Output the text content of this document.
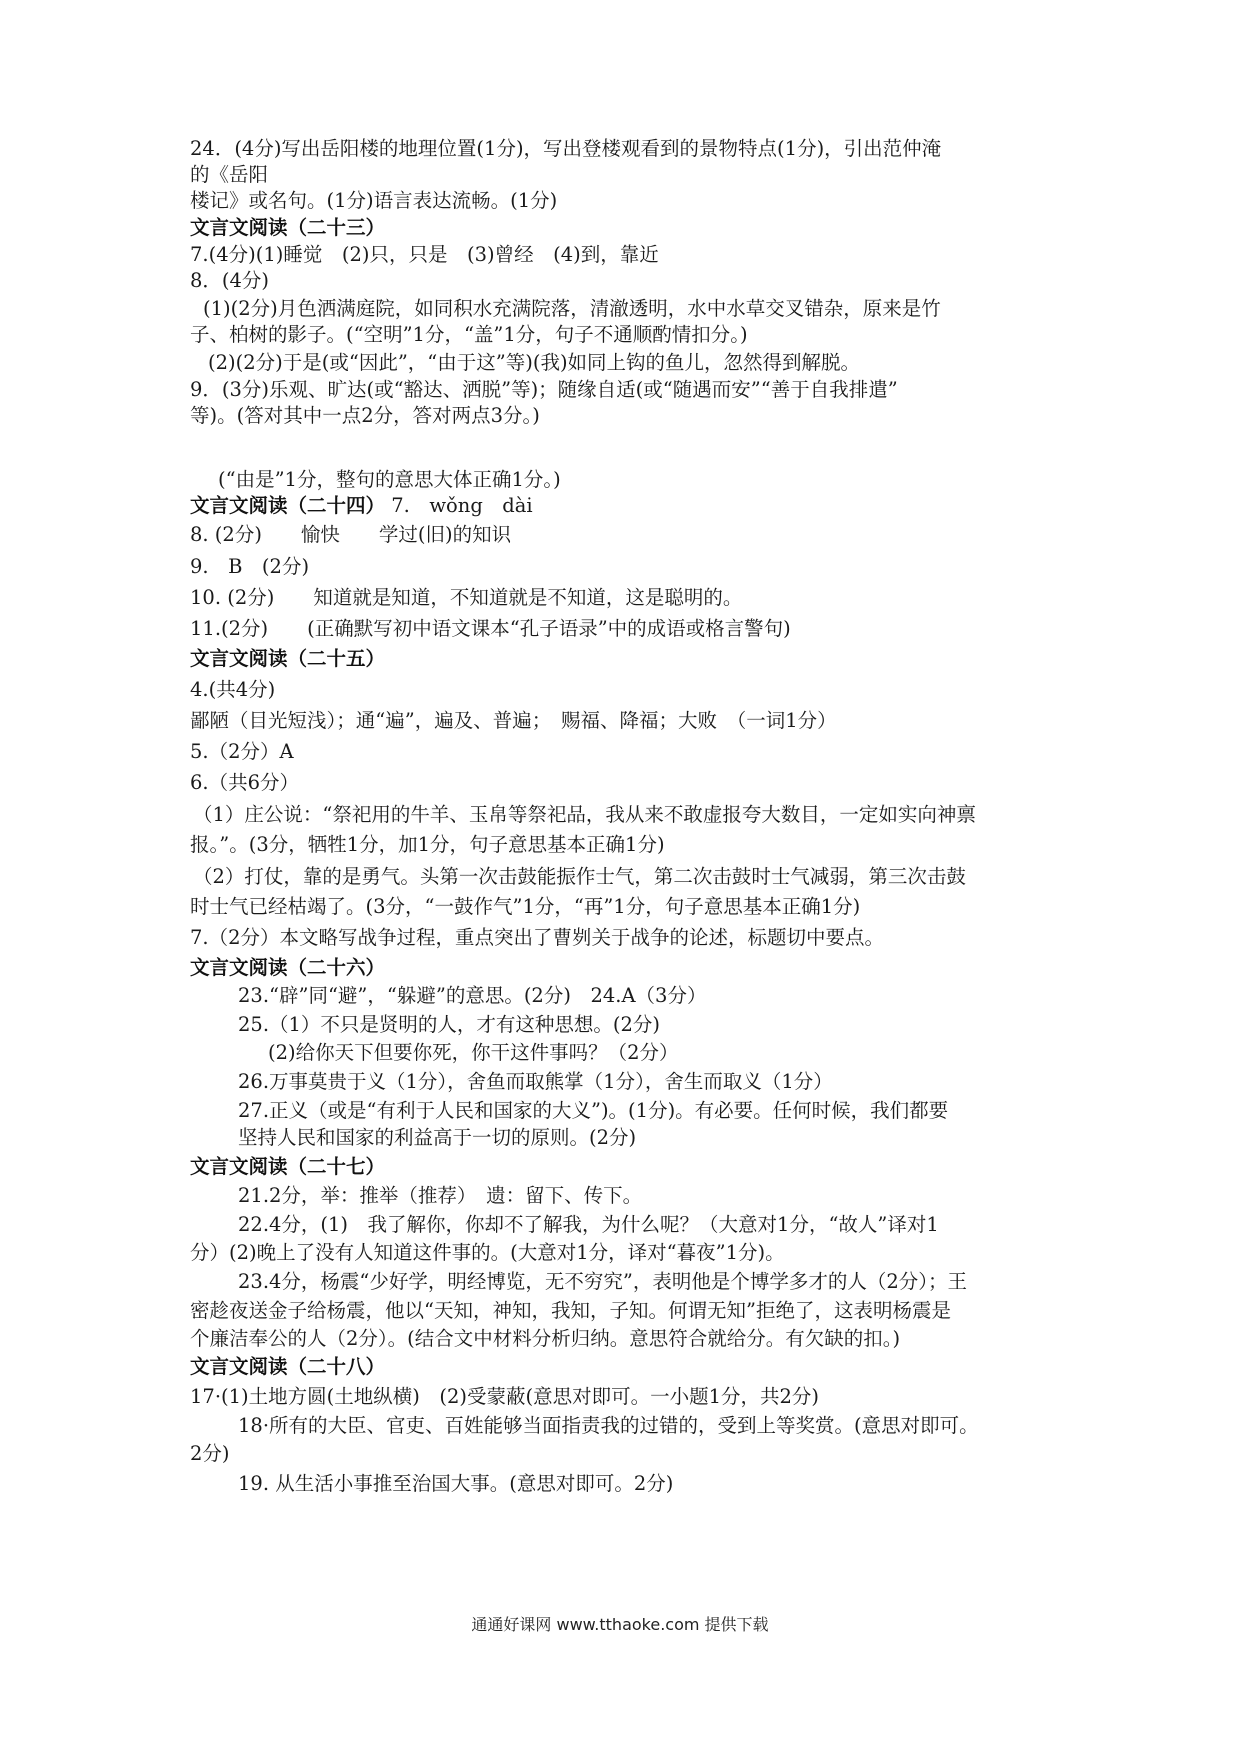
24．(4分)写出岳阳楼的地理位置(1分)，写出登楼观看到的景物特点(1分)，引出范仲淹
的《岳阳
楼记》或名句。(1分)语言表达流畅。(1分)
文言文阅读（二十三）
7.(4分)(1)睡觉　(2)只，只是　(3)曾经　(4)到，靠近
8．(4分)
(1)(2分)月色洒满庭院，如同积水充满院落，清澈透明，水中水草交叉错杂，原来是竹
子、柏树的影子。(“空明”1分，“盖”1分，句子不通顺酌情扣分。)
(2)(2分)于是(或“因此”，“由于这”等)(我)如同上钩的鱼儿，忽然得到解脱。
9．(3分)乐观、旷达(或“豁达、洒脱”等)；随缘自适(或“随遇而安”“善于自我排遣”
等)。(答对其中一点2分，答对两点3分。)
(“由是”1分，整句的意思大体正确1分。)
文言文阅读（二十四） 7.　wǒng　dài
8. (2分)　　愉快　　学过(旧)的知识
9.　B　(2分)
10. (2分)　　知道就是知道，不知道就是不知道，这是聪明的。
11.(2分)　　(正确默写初中语文课本“孔子语录”中的成语或格言警句)
文言文阅读（二十五）
4.(共4分)
鄙陋（目光短浅）；通“遍”，遍及、普遍；　赐福、降福；大败　（一词1分）
5.（2分）A
6.（共6分）
（1）庄公说：“祭祀用的牛羊、玉帛等祭祀品，我从来不敢虚报夸大数目，一定如实向神禀
报。”。(3分，牺牲1分，加1分，句子意思基本正确1分)
（2）打仗，靠的是勇气。头第一次击鼓能振作士气，第二次击鼓时士气减弱，第三次击鼓
时士气已经枯竭了。(3分，“一鼓作气”1分，“再”1分，句子意思基本正确1分)
7.（2分）本文略写战争过程，重点突出了曹刿关于战争的论述，标题切中要点。
文言文阅读（二十六）
23.“辟”同“避”，“躲避”的意思。(2分)　24.A（3分）
25.（1）不只是贤明的人，才有这种思想。(2分)
(2)给你天下但要你死，你干这件事吗？（2分）
26.万事莫贵于义（1分），舍鱼而取熊掌（1分），舍生而取义（1分）
27.正义（或是“有利于人民和国家的大义”)。(1分)。有必要。任何时候，我们都要
坚持人民和国家的利益高于一切的原则。(2分)
文言文阅读（二十七）
21.2分，举：推举（推荐）　遗：留下、传下。
22.4分，(1)　我了解你，你却不了解我，为什么呢？（大意对1分，“故人”译对1
分）(2)晚上了没有人知道这件事的。(大意对1分，译对“暮夜”1分)。
23.4分，杨震“少好学，明经博览，无不穷究”，表明他是个博学多才的人（2分）；王
密趁夜送金子给杨震，他以“天知，神知，我知，子知。何谓无知”拒绝了，这表明杨震是
个廉洁奉公的人（2分）。(结合文中材料分析归纳。意思符合就给分。有欠缺的扣。)
文言文阅读（二十八）
17·(1)土地方圆(土地纵横)　(2)受蒙蔽(意思对即可。一小题1分，共2分)
18·所有的大臣、官吏、百姓能够当面指责我的过错的，受到上等奖赏。(意思对即可。
2分)
19. 从生活小事推至治国大事。(意思对即可。2分)
通通好课网 www.tthaoke.com 提供下载
